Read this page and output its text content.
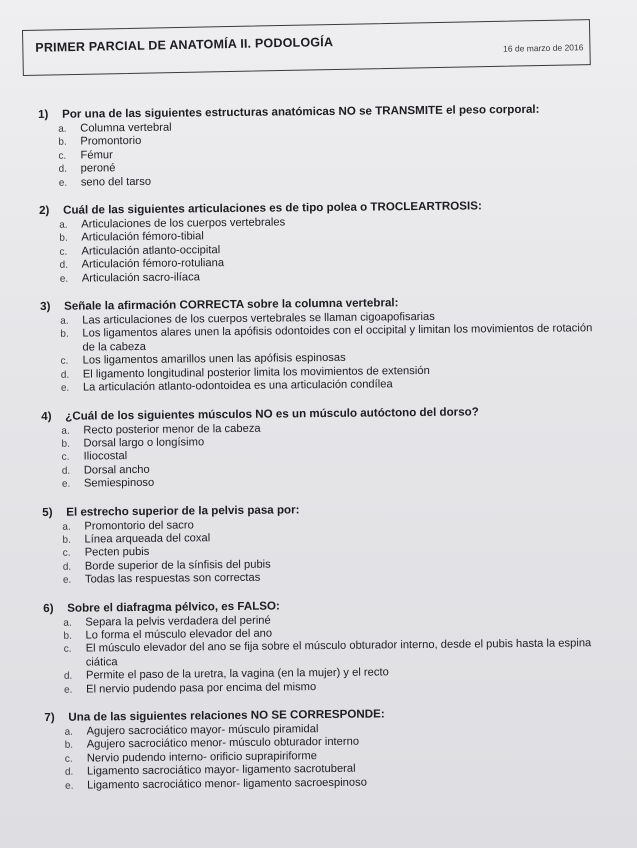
PRIMER PARCIAL DE ANATOMÍA II. PODOLOGÍA	16 de marzo de 2016
1) Por una de las siguientes estructuras anatómicas NO se TRANSMITE el peso corporal:
a. Columna vertebral
b. Promontorio
c. Fémur
d. peroné
e. seno del tarso
2) Cuál de las siguientes articulaciones es de tipo polea o TROCLEARTROSIS:
a. Articulaciones de los cuerpos vertebrales
b. Articulación fémoro-tibial
c. Articulación atlanto-occipital
d. Articulación fémoro-rotuliana
e. Articulación sacro-ilíaca
3) Señale la afirmación CORRECTA sobre la columna vertebral:
a. Las articulaciones de los cuerpos vertebrales se llaman cigoapofisarias
b. Los ligamentos alares unen la apófisis odontoides con el occipital y limitan los movimientos de rotación de la cabeza
c. Los ligamentos amarillos unen las apófisis espinosas
d. El ligamento longitudinal posterior limita los movimientos de extensión
e. La articulación atlanto-odontoidea es una articulación condílea
4) ¿Cuál de los siguientes músculos NO es un músculo autóctono del dorso?
a. Recto posterior menor de la cabeza
b. Dorsal largo o longísimo
c. Iliocostal
d. Dorsal ancho
e. Semiespinoso
5) El estrecho superior de la pelvis pasa por:
a. Promontorio del sacro
b. Línea arqueada del coxal
c. Pecten pubis
d. Borde superior de la sínfisis del pubis
e. Todas las respuestas son correctas
6) Sobre el diafragma pélvico, es FALSO:
a. Separa la pelvis verdadera del periné
b. Lo forma el músculo elevador del ano
c. El músculo elevador del ano se fija sobre el músculo obturador interno, desde el pubis hasta la espina ciática
d. Permite el paso de la uretra, la vagina (en la mujer) y el recto
e. El nervio pudendo pasa por encima del mismo
7) Una de las siguientes relaciones NO SE CORRESPONDE:
a. Agujero sacrociático mayor- músculo piramidal
b. Agujero sacrociático menor- músculo obturador interno
c. Nervio pudendo interno- orificio suprapiriforme
d. Ligamento sacrociático mayor- ligamento sacrotuberal
e. Ligamento sacrociático menor- ligamento sacroespinoso
